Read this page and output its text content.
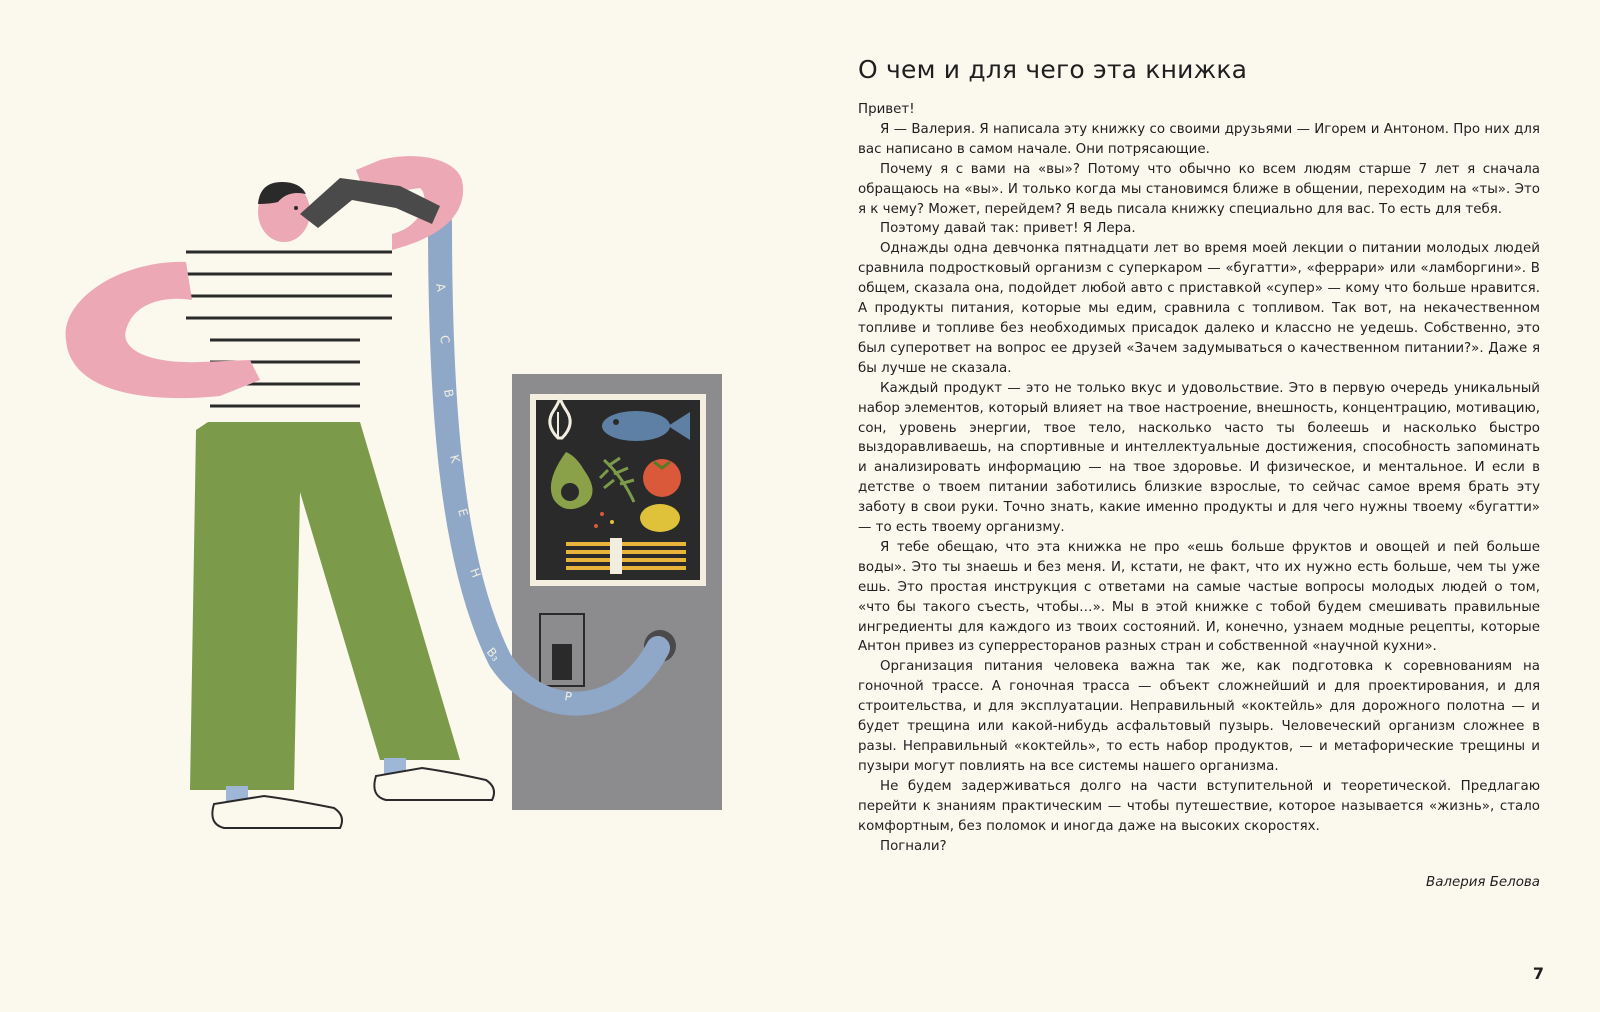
A
C
B
K
E
H
B₃
P
О чем и для чего эта книжка

Привет!

Я — Валерия. Я написала эту книжку со своими друзьями — Игорем и Антоном. Про них для вас написано в самом начале. Они потрясающие.

Почему я с вами на «вы»? Потому что обычно ко всем людям старше 7 лет я сначала обращаюсь на «вы». И только когда мы становимся ближе в общении, переходим на «ты». Это я к чему? Может, перейдем? Я ведь писала книжку специально для вас. То есть для тебя.

Поэтому давай так: привет! Я Лера.

Однажды одна девчонка пятнадцати лет во время моей лекции о питании молодых людей сравнила подростковый организм с суперкаром — «бугатти», «феррари» или «ламборгини». В общем, сказала она, подойдет любой авто с приставкой «супер» — кому что больше нравится. А продукты питания, которые мы едим, сравнила с топливом. Так вот, на некачественном топливе и топливе без необходимых присадок далеко и классно не уедешь. Собственно, это был суперответ на вопрос ее друзей «Зачем задумываться о качественном питании?». Даже я бы лучше не сказала.

Каждый продукт — это не только вкус и удовольствие. Это в первую очередь уникальный набор элементов, который влияет на твое настроение, внешность, концентрацию, мотивацию, сон, уровень энергии, твое тело, насколько часто ты болеешь и насколько быстро выздоравливаешь, на спортивные и интеллектуальные достижения, способность запоминать и анализировать информацию — на твое здоровье. И физическое, и ментальное. И если в детстве о твоем питании заботились близкие взрослые, то сейчас самое время брать эту заботу в свои руки. Точно знать, какие именно продукты и для чего нужны твоему «бугатти» — то есть твоему организму.

Я тебе обещаю, что эта книжка не про «ешь больше фруктов и овощей и пей больше воды». Это ты знаешь и без меня. И, кстати, не факт, что их нужно есть больше, чем ты уже ешь. Это простая инструкция с ответами на самые частые вопросы молодых людей о том, «что бы такого съесть, чтобы…». Мы в этой книжке с тобой будем смешивать правильные ингредиенты для каждого из твоих состояний. И, конечно, узнаем модные рецепты, которые Антон привез из суперресторанов разных стран и собственной «научной кухни».

Организация питания человека важна так же, как подготовка к соревнованиям на гоночной трассе. А гоночная трасса — объект сложнейший и для проектирования, и для строительства, и для эксплуатации. Неправильный «коктейль» для дорожного полотна — и будет трещина или какой-нибудь асфальтовый пузырь. Человеческий организм сложнее в разы. Неправильный «коктейль», то есть набор продуктов, — и метафорические трещины и пузыри могут повлиять на все системы нашего организма.

Не будем задерживаться долго на части вступительной и теоретической. Предлагаю перейти к знаниям практическим — чтобы путешествие, которое называется «жизнь», стало комфортным, без поломок и иногда даже на высоких скоростях.

Погнали?

Валерия Белова
7
